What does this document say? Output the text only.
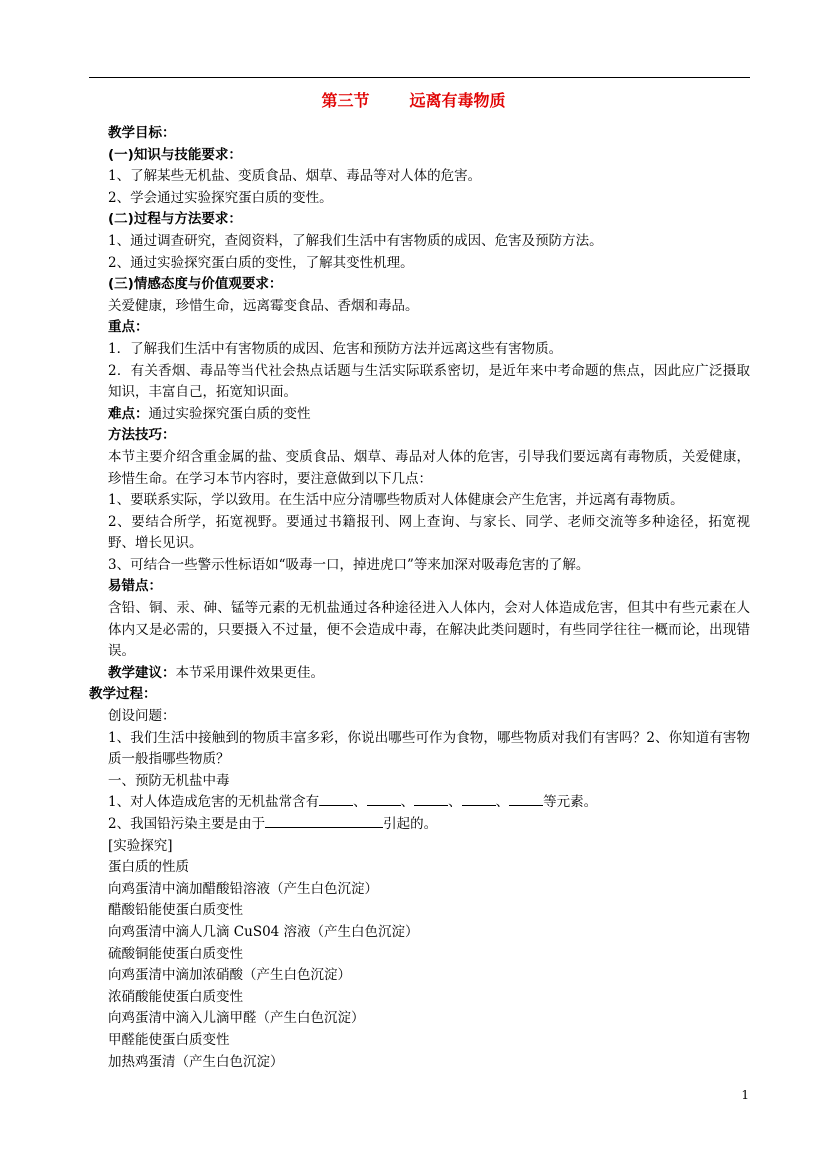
第三节	远离有毒物质
教学目标：
(一)知识与技能要求：
1、了解某些无机盐、变质食品、烟草、毒品等对人体的危害。
2、学会通过实验探究蛋白质的变性。
(二)过程与方法要求：
1、通过调查研究，查阅资料，了解我们生活中有害物质的成因、危害及预防方法。
2、通过实验探究蛋白质的变性，了解其变性机理。
(三)情感态度与价值观要求：
关爱健康，珍惜生命，远离霉变食品、香烟和毒品。
重点：
1．了解我们生活中有害物质的成因、危害和预防方法并远离这些有害物质。
2．有关香烟、毒品等当代社会热点话题与生活实际联系密切，是近年来中考命题的焦点，因此应广泛摄取知识，丰富自己，拓宽知识面。
难点：通过实验探究蛋白质的变性
方法技巧：
本节主要介绍含重金属的盐、变质食品、烟草、毒品对人体的危害，引导我们要远离有毒物质，关爱健康，珍惜生命。在学习本节内容时，要注意做到以下几点：
1、要联系实际，学以致用。在生活中应分清哪些物质对人体健康会产生危害，并远离有毒物质。
2、要结合所学，拓宽视野。要通过书籍报刊、网上查询、与家长、同学、老师交流等多种途径，拓宽视野、增长见识。
3、可结合一些警示性标语如“吸毒一口，掉进虎口”等来加深对吸毒危害的了解。
易错点：
含铅、铜、汞、砷、锰等元素的无机盐通过各种途径进入人体内，会对人体造成危害，但其中有些元素在人体内又是必需的，只要摄入不过量，便不会造成中毒，在解决此类问题时，有些同学往往一概而论，出现错误。
教学建议：本节采用课件效果更佳。
教学过程：
创设问题：
1、我们生活中接触到的物质丰富多彩，你说出哪些可作为食物，哪些物质对我们有害吗？2、你知道有害物质一般指哪些物质？
一、预防无机盐中毒
1、对人体造成危害的无机盐常含有	、	、	、	、	等元素。
2、我国铅污染主要是由于	引起的。
[实验探究]
蛋白质的性质
向鸡蛋清中滴加醋酸铅溶液（产生白色沉淀）
醋酸铅能使蛋白质变性
向鸡蛋清中滴人几滴 CuS04 溶液（产生白色沉淀）
硫酸铜能使蛋白质变性
向鸡蛋清中滴加浓硝酸（产生白色沉淀）
浓硝酸能使蛋白质变性
向鸡蛋清中滴入儿滴甲醛（产生白色沉淀）
甲醛能使蛋白质变性
加热鸡蛋清（产生白色沉淀）
1
